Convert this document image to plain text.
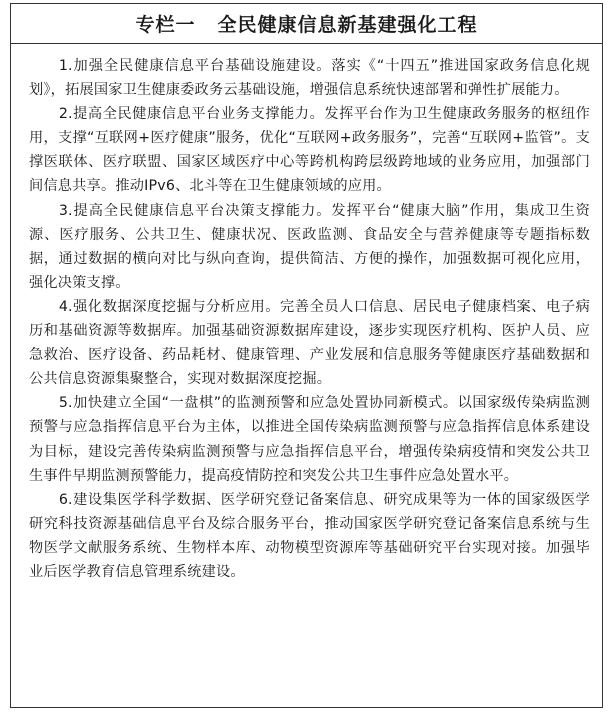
专栏一 全民健康信息新基建强化工程

1.加强全民健康信息平台基础设施建设。落实《“十四五”推进国家政务信息化规划》，拓展国家卫生健康委政务云基础设施，增强信息系统快速部署和弹性扩展能力。

2.提高全民健康信息平台业务支撑能力。发挥平台作为卫生健康政务服务的枢纽作用，支撑“互联网+医疗健康”服务，优化“互联网+政务服务”，完善“互联网+监管”。支撑医联体、医疗联盟、国家区域医疗中心等跨机构跨层级跨地域的业务应用，加强部门间信息共享。推动IPv6、北斗等在卫生健康领域的应用。

3.提高全民健康信息平台决策支撑能力。发挥平台“健康大脑”作用，集成卫生资源、医疗服务、公共卫生、健康状况、医政监测、食品安全与营养健康等专题指标数据，通过数据的横向对比与纵向查询，提供简洁、方便的操作，加强数据可视化应用，强化决策支撑。

4.强化数据深度挖掘与分析应用。完善全员人口信息、居民电子健康档案、电子病历和基础资源等数据库。加强基础资源数据库建设，逐步实现医疗机构、医护人员、应急救治、医疗设备、药品耗材、健康管理、产业发展和信息服务等健康医疗基础数据和公共信息资源集聚整合，实现对数据深度挖掘。

5.加快建立全国“一盘棋”的监测预警和应急处置协同新模式。以国家级传染病监测预警与应急指挥信息平台为主体，以推进全国传染病监测预警与应急指挥信息体系建设为目标，建设完善传染病监测预警与应急指挥信息平台，增强传染病疫情和突发公共卫生事件早期监测预警能力，提高疫情防控和突发公共卫生事件应急处置水平。

6.建设集医学科学数据、医学研究登记备案信息、研究成果等为一体的国家级医学研究科技资源基础信息平台及综合服务平台，推动国家医学研究登记备案信息系统与生物医学文献服务系统、生物样本库、动物模型资源库等基础研究平台实现对接。加强毕业后医学教育信息管理系统建设。
